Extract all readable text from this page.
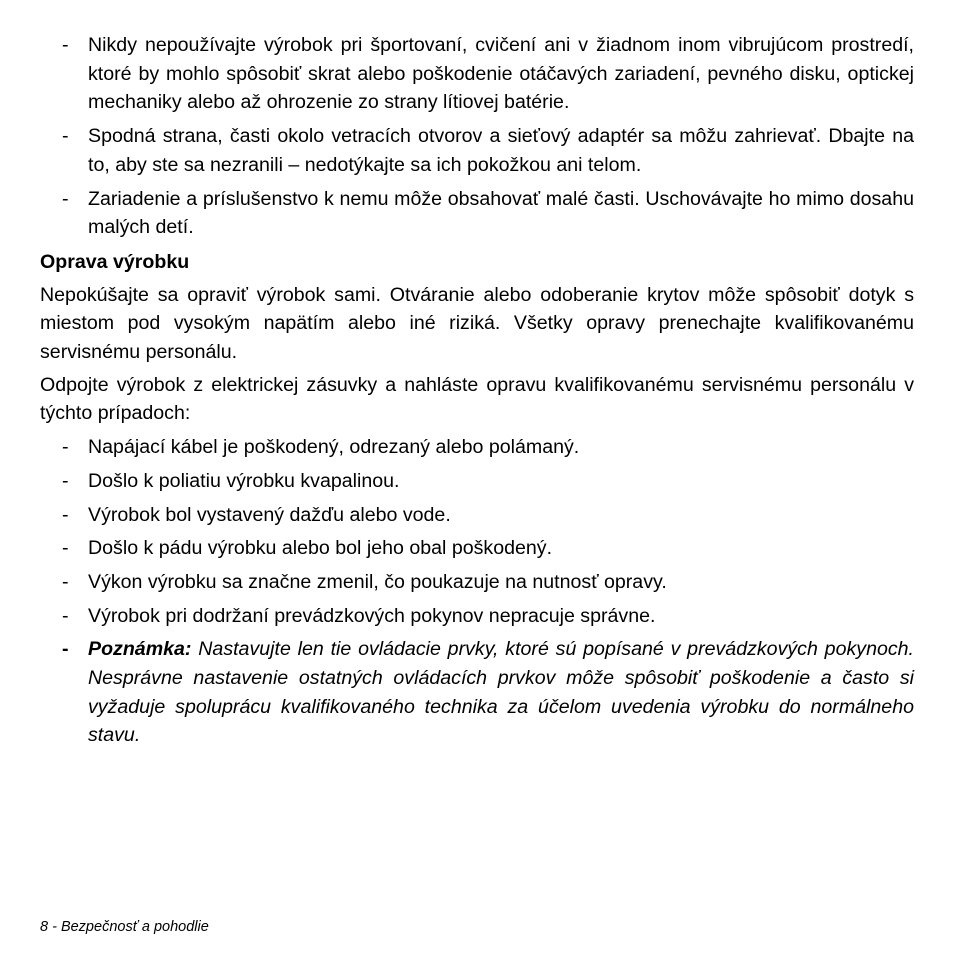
- Nikdy nepoužívajte výrobok pri športovaní, cvičení ani v žiadnom inom vibrujúcom prostredí, ktoré by mohlo spôsobiť skrat alebo poškodenie otáčavých zariadení, pevného disku, optickej mechaniky alebo až ohrozenie zo strany lítiovej batérie.
- Spodná strana, časti okolo vetracích otvorov a sieťový adaptér sa môžu zahrievať. Dbajte na to, aby ste sa nezranili – nedotýkajte sa ich pokožkou ani telom.
- Zariadenie a príslušenstvo k nemu môže obsahovať malé časti. Uschovávajte ho mimo dosahu malých detí.

Oprava výrobku

Nepokúšajte sa opraviť výrobok sami. Otváranie alebo odoberanie krytov môže spôsobiť dotyk s miestom pod vysokým napätím alebo iné riziká. Všetky opravy prenechajte kvalifikovanému servisnému personálu.

Odpojte výrobok z elektrickej zásuvky a nahláste opravu kvalifikovanému servisnému personálu v týchto prípadoch:

- Napájací kábel je poškodený, odrezaný alebo polámaný.
- Došlo k poliatiu výrobku kvapalinou.
- Výrobok bol vystavený dažďu alebo vode.
- Došlo k pádu výrobku alebo bol jeho obal poškodený.
- Výkon výrobku sa značne zmenil, čo poukazuje na nutnosť opravy.
- Výrobok pri dodržaní prevádzkových pokynov nepracuje správne.
- Poznámka: Nastavujte len tie ovládacie prvky, ktoré sú popísané v prevádzkových pokynoch. Nesprávne nastavenie ostatných ovládacích prvkov môže spôsobiť poškodenie a často si vyžaduje spoluprácu kvalifikovaného technika za účelom uvedenia výrobku do normálneho stavu.
8 - Bezpečnosť a pohodlie
